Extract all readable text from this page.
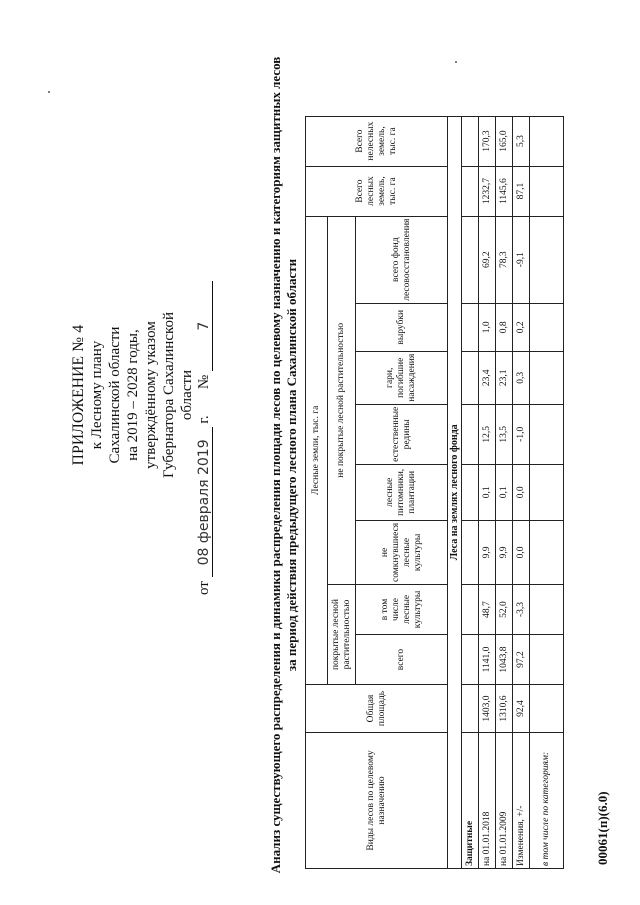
ПРИЛОЖЕНИЕ № 4 к Лесному плану Сахалинской области на 2019 – 2028 годы, утверждённому указом Губернатора Сахалинской области
от 08 февраля 2019 г.       № 7	Анализ существующего распределения и динамики распределения площади лесов по целевому назначению и категориям защитных лесов за период действия предыдущего лесного плана Сахалинской области
Виды лесов по целевому назначению	Общая площадь	Лесные земли, тыс. га								Всего лесных земель, тыс. га	Всего нелесных земель, тыс. га
		покрытые лесной растительностью		не покрытые лесной растительностью							
		всего	в том числе лесные культуры	не сомкнувшиеся лесные культуры	лесные питомники, плантации	естественные редины	гари, погибшие насаждения	вырубки	всего фонд лесовосстановления		
Леса на землях лесного фонда											
Защитные											
на 01.01.2018	1403,0	1141,0	48,7	9,9	0,1	12,5	23,4	1,0	69,2	1232,7	170,3
на 01.01.2009	1310,6	1043,8	52,0	9,9	0,1	13,5	23,1	0,8	78,3	1145,6	165,0
Изменения, +/-	92,4	97,2	-3,3	0,0	0,0	-1,0	0,3	0,2	-9,1	87,1	5,3
в том числе по категориям:												00061(п)(6.0)
